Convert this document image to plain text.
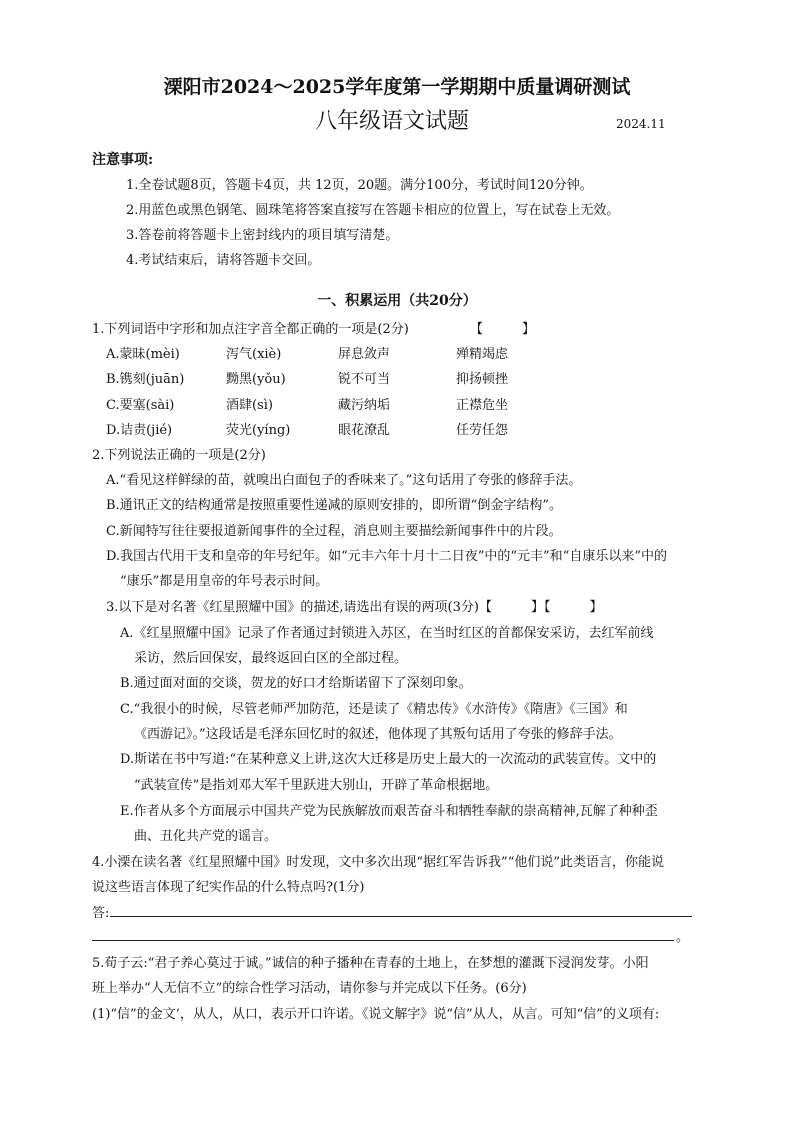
溧阳市2024～2025学年度第一学期期中质量调研测试
八年级语文试题	2024.11
注意事项:
1.全卷试题8页，答题卡4页，共 12页，20题。满分100分，考试时间120分钟。
2.用蓝色或黑色钢笔、圆珠笔将答案直接写在答题卡相应的位置上，写在试卷上无效。
3.答卷前将答题卡上密封线内的项目填写清楚。
4.考试结束后，请将答题卡交回。
一、积累运用（共20分）
1.下列词语中字形和加点注字音全都正确的一项是(2分)	【　　　】
A.蒙昧(mèi)	泻气(xiè)	屏息敛声	殚精竭虑
B.镌刻(juān)	黝黑(yǒu)	锐不可当	抑扬顿挫
C.要塞(sài)	酒肆(sì)	藏污纳垢	正襟危坐
D.诘责(jié)	荧光(yíng)	眼花潦乱	任劳任怨
2.下列说法正确的一项是(2分)
A.“看见这样鲜绿的苗，就嗅出白面包子的香味来了。”这句话用了夸张的修辞手法。
B.通讯正文的结构通常是按照重要性递减的原则安排的，即所谓“倒金字结构”。
C.新闻特写往往要报道新闻事件的全过程，消息则主要描绘新闻事件中的片段。
D.我国古代用干支和皇帝的年号纪年。如“元丰六年十月十二日夜”中的“元丰”和“自康乐以来”中的
“康乐”都是用皇帝的年号表示时间。
3.以下是对名著《红星照耀中国》的描述,请选出有误的两项(3分)【　　　】【　　　】
A.《红星照耀中国》记录了作者通过封锁进入苏区，在当时红区的首都保安采访，去红军前线
采访，然后回保安，最终返回白区的全部过程。
B.通过面对面的交谈，贺龙的好口才给斯诺留下了深刻印象。
C.“我很小的时候，尽管老师严加防范，还是读了《精忠传》《水浒传》《隋唐》《三国》和
《西游记》。”这段话是毛泽东回忆时的叙述，他体现了其叛句话用了夸张的修辞手法。
D.斯诺在书中写道:“在某种意义上讲,这次大迁移是历史上最大的一次流动的武装宣传。文中的
“武装宣传”是指刘邓大军千里跃进大别山，开辟了革命根据地。
E.作者从多个方面展示中国共产党为民族解放而艰苦奋斗和牺牲奉献的崇高精神,瓦解了种种歪
曲、丑化共产党的谣言。
4.小溧在读名著《红星照耀中国》时发现，文中多次出现“据红军告诉我”“他们说”此类语言，你能说
说这些语言体现了纪实作品的什么特点吗?(1分)
答:
。
5.荀子云:“君子养心莫过于诚。”诚信的种子播种在青春的土地上，在梦想的灌溉下浸润发芽。小阳
班上举办“人无信不立”的综合性学习活动，请你参与并完成以下任务。(6分)
(1)“信”的金文’，从人，从口，表示开口许诺。《说文解字》说“信”从人，从言。可知“信”的义项有:
